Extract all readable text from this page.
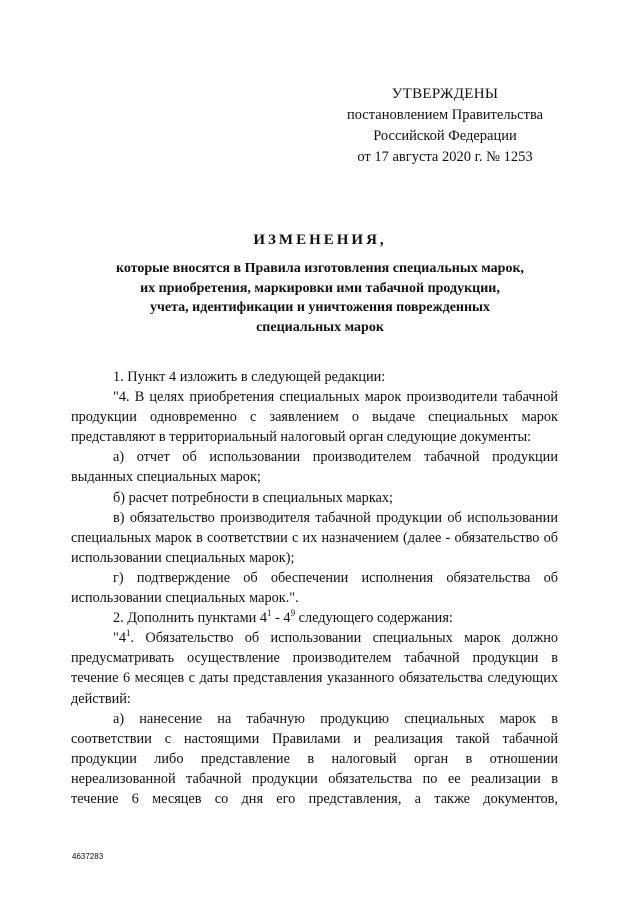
УТВЕРЖДЕНЫ
постановлением Правительства
Российской Федерации
от 17 августа 2020 г. № 1253
ИЗМЕНЕНИЯ,
которые вносятся в Правила изготовления специальных марок,
их приобретения, маркировки ими табачной продукции,
учета, идентификации и уничтожения поврежденных
специальных марок

1. Пункт 4 изложить в следующей редакции:

"4. В целях приобретения специальных марок производители табачной продукции одновременно с заявлением о выдаче специальных марок представляют в территориальный налоговый орган следующие документы:

а) отчет об использовании производителем табачной продукции выданных специальных марок;

б) расчет потребности в специальных марках;

в) обязательство производителя табачной продукции об использовании специальных марок в соответствии с их назначением (далее - обязательство об использовании специальных марок);

г) подтверждение об обеспечении исполнения обязательства об использовании специальных марок.".

2. Дополнить пунктами $4^1 - 4^9$ следующего содержания:

"$4^1$. Обязательство об использовании специальных марок должно предусматривать осуществление производителем табачной продукции в течение 6 месяцев с даты представления указанного обязательства следующих действий:

а) нанесение на табачную продукцию специальных марок в соответствии с настоящими Правилами и реализация такой табачной продукции либо представление в налоговый орган в отношении нереализованной табачной продукции обязательства по ее реализации в течение 6 месяцев со дня его представления, а также документов,

4637283
